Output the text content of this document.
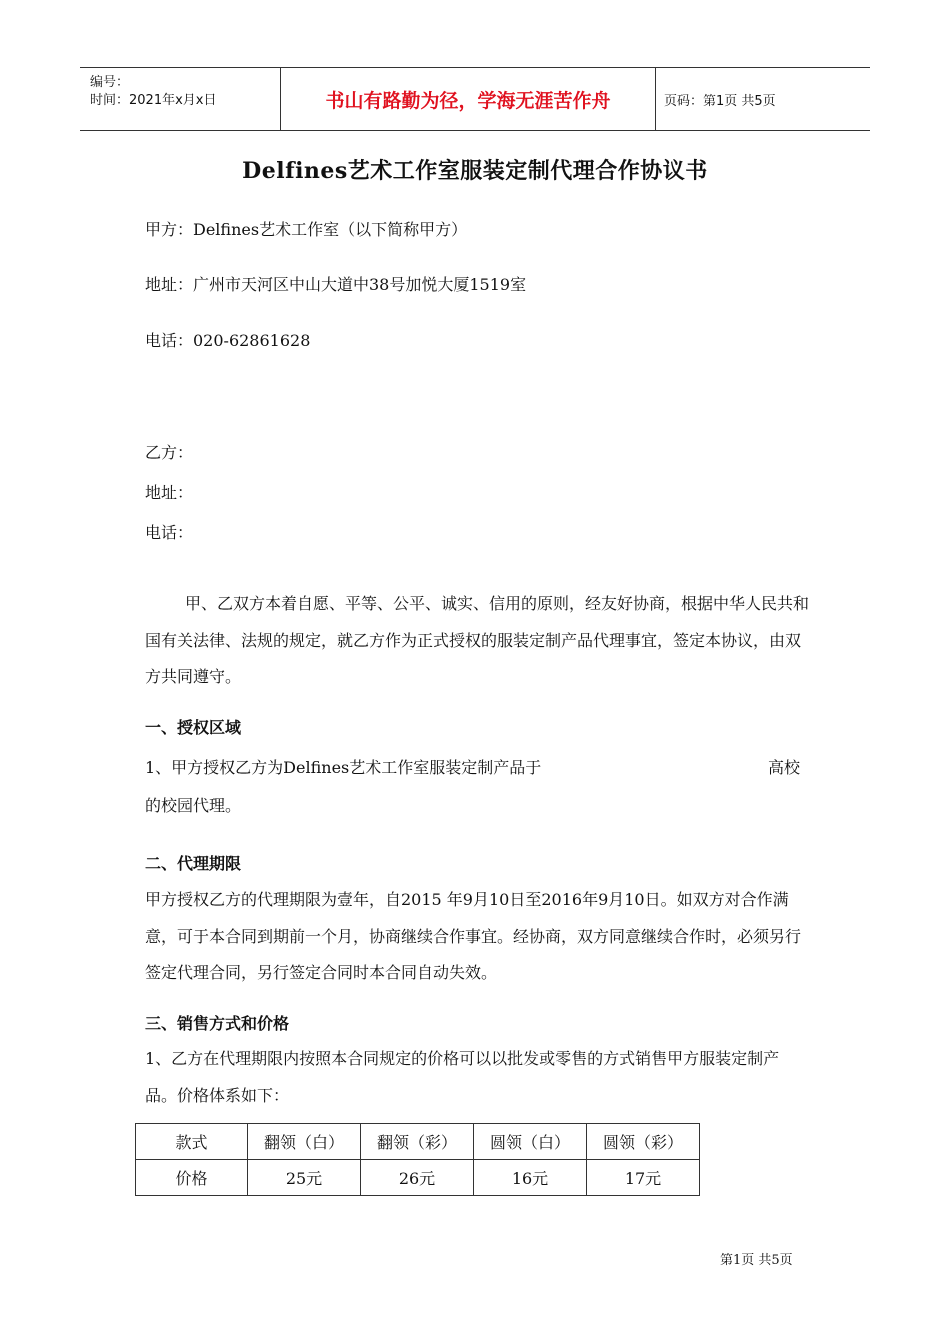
编号：
时间：2021年x月x日	书山有路勤为径，学海无涯苦作舟	页码：第1页 共5页
Delfines艺术工作室服装定制代理合作协议书
甲方：Delfines艺术工作室（以下简称甲方）
地址：广州市天河区中山大道中38号加悦大厦1519室
电话：020-62861628
乙方：
地址：
电话：
甲、乙双方本着自愿、平等、公平、诚实、信用的原则，经友好协商，根据中华人民共和国有关法律、法规的规定，就乙方作为正式授权的服装定制产品代理事宜，签定本协议，由双方共同遵守。
一、授权区域
1、甲方授权乙方为Delfines艺术工作室服装定制产品于	高校
的校园代理。
二、代理期限
甲方授权乙方的代理期限为壹年，自2015 年9月10日至2016年9月10日。如双方对合作满意，可于本合同到期前一个月，协商继续合作事宜。经协商，双方同意继续合作时，必须另行签定代理合同，另行签定合同时本合同自动失效。
三、销售方式和价格
1、乙方在代理期限内按照本合同规定的价格可以以批发或零售的方式销售甲方服装定制产品。价格体系如下：
款式	翻领（白）	翻领（彩）	圆领（白）	圆领（彩）
价格	25元	26元	16元	17元
第1页 共5页
